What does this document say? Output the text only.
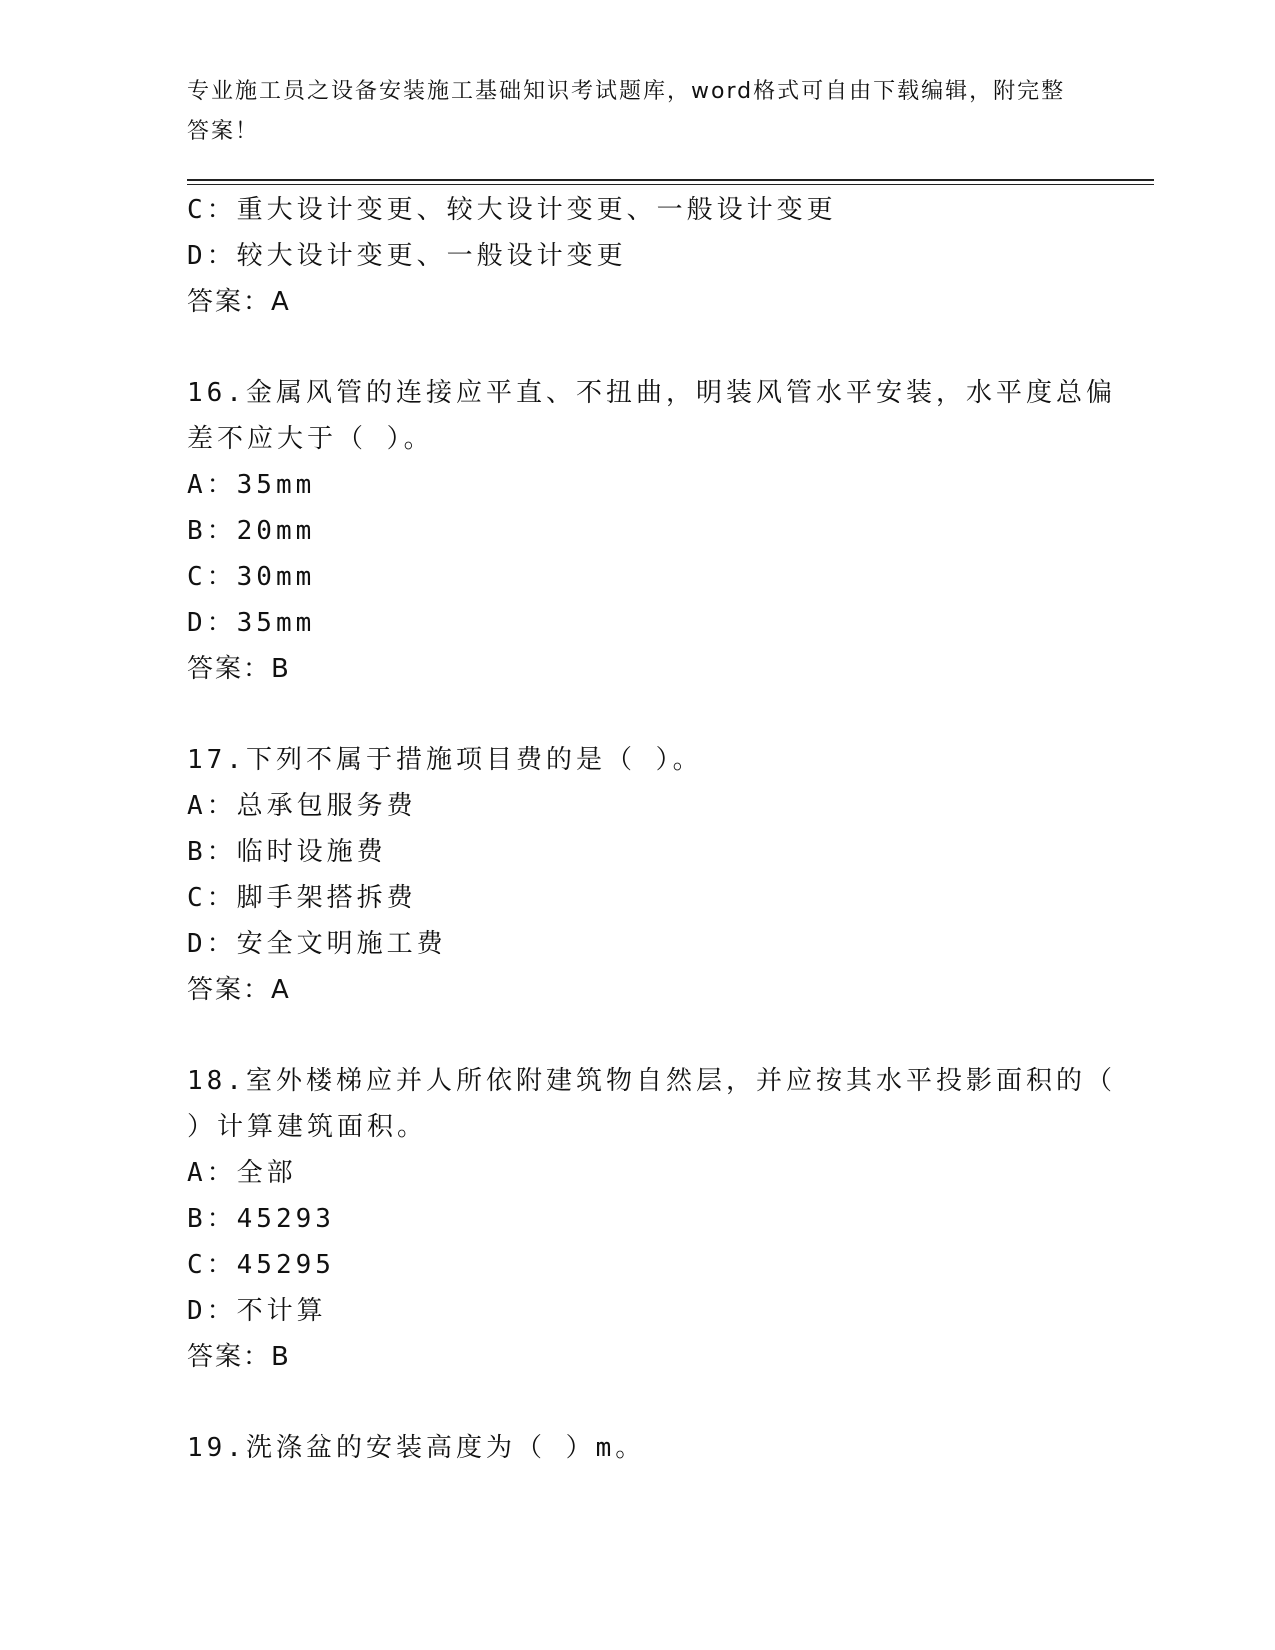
专业施工员之设备安装施工基础知识考试题库，word格式可自由下载编辑，附完整答案！
C：重大设计变更、较大设计变更、一般设计变更
D：较大设计变更、一般设计变更
答案：A
16.金属风管的连接应平直、不扭曲，明装风管水平安装，水平度总偏
差不应大于（ ）。
A：35mm
B：20mm
C：30mm
D：35mm
答案：B
17.下列不属于措施项目费的是（ ）。
A：总承包服务费
B：临时设施费
C：脚手架搭拆费
D：安全文明施工费
答案：A
18.室外楼梯应并人所依附建筑物自然层，并应按其水平投影面积的（
）计算建筑面积。
A：全部
B：45293
C：45295
D：不计算
答案：B
19.洗涤盆的安装高度为（ ）m。
